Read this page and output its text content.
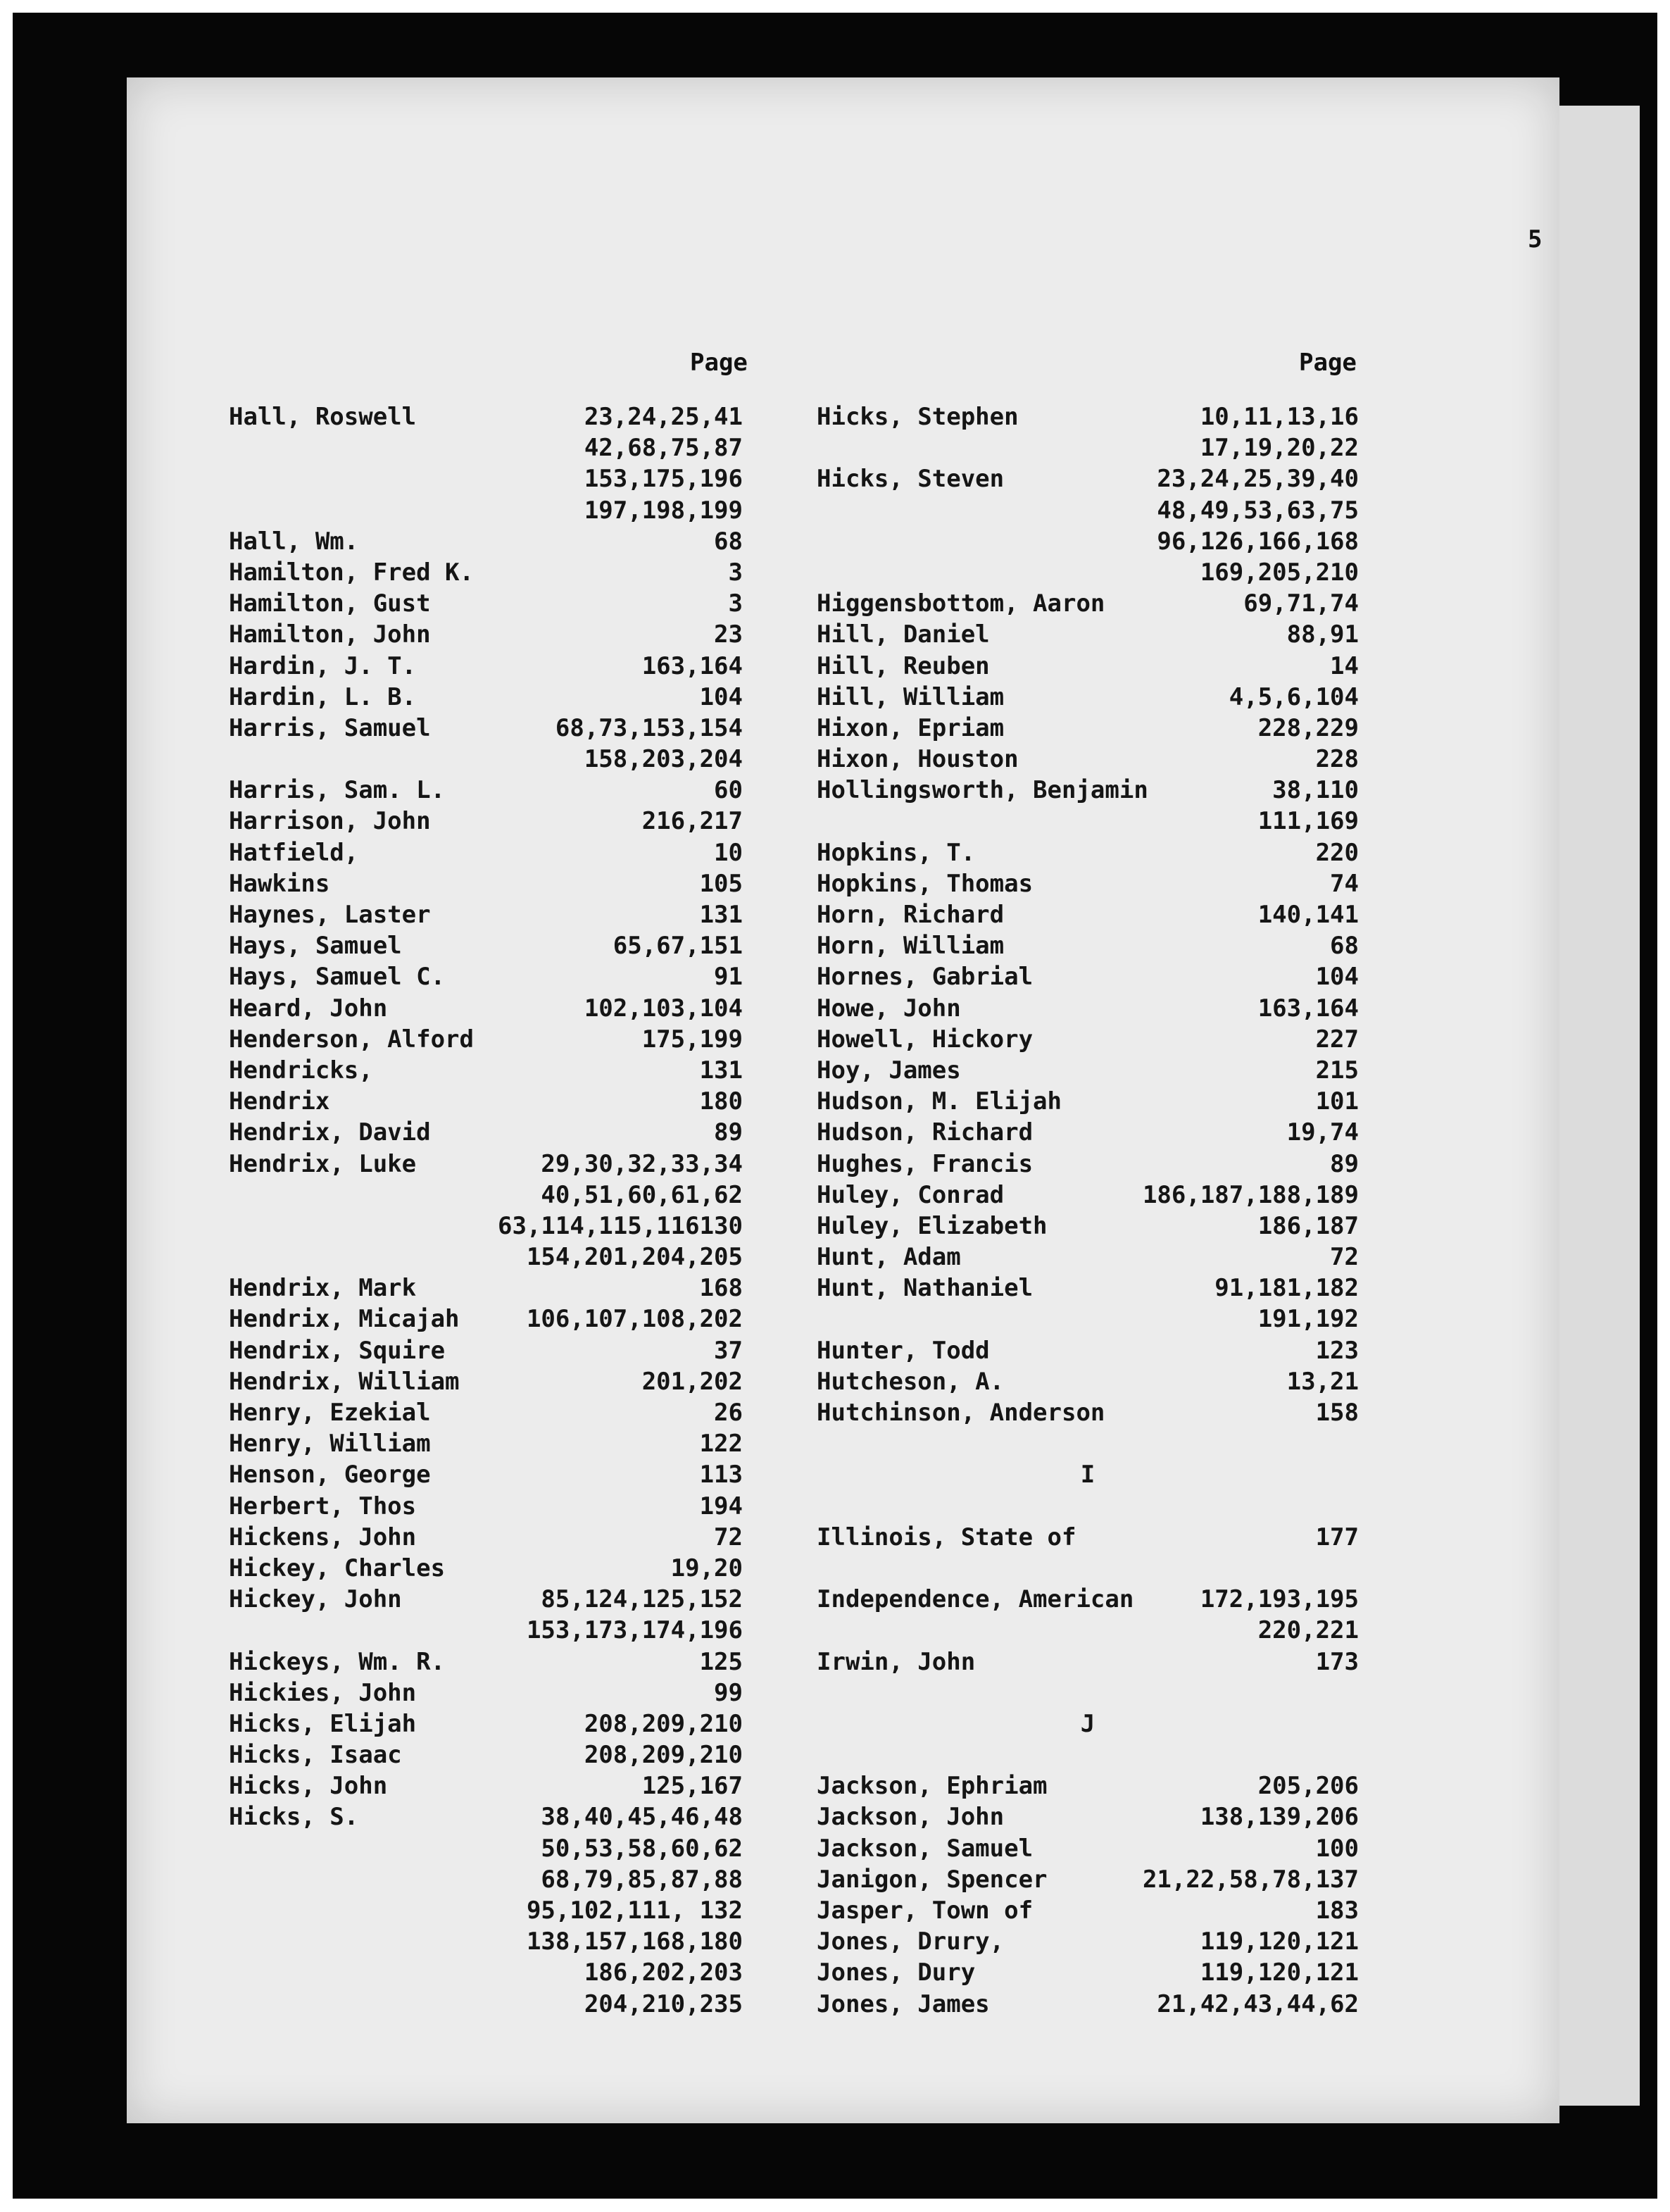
5
Page	Page
Hall, Roswell	23,24,25,41
42,68,75,87
153,175,196
197,198,199
Hall, Wm.	68
Hamilton, Fred K.	3
Hamilton, Gust	3
Hamilton, John	23
Hardin, J. T.	163,164
Hardin, L. B.	104
Harris, Samuel	68,73,153,154
158,203,204
Harris, Sam. L.	60
Harrison, John	216,217
Hatfield,	10
Hawkins	105
Haynes, Laster	131
Hays, Samuel	65,67,151
Hays, Samuel C.	91
Heard, John	102,103,104
Henderson, Alford	175,199
Hendricks,	131
Hendrix	180
Hendrix, David	89
Hendrix, Luke	29,30,32,33,34
40,51,60,61,62
63,114,115,116130
154,201,204,205
Hendrix, Mark	168
Hendrix, Micajah	106,107,108,202
Hendrix, Squire	37
Hendrix, William	201,202
Henry, Ezekial	26
Henry, William	122
Henson, George	113
Herbert, Thos	194
Hickens, John	72
Hickey, Charles	19,20
Hickey, John	85,124,125,152
153,173,174,196
Hickeys, Wm. R.	125
Hickies, John	99
Hicks, Elijah	208,209,210
Hicks, Isaac	208,209,210
Hicks, John	125,167
Hicks, S.	38,40,45,46,48
50,53,58,60,62
68,79,85,87,88
95,102,111, 132
138,157,168,180
186,202,203
204,210,235
Hicks, Stephen	10,11,13,16
17,19,20,22
Hicks, Steven	23,24,25,39,40
48,49,53,63,75
96,126,166,168
169,205,210
Higgensbottom, Aaron	69,71,74
Hill, Daniel	88,91
Hill, Reuben	14
Hill, William	4,5,6,104
Hixon, Epriam	228,229
Hixon, Houston	228
Hollingsworth, Benjamin	38,110
111,169
Hopkins, T.	220
Hopkins, Thomas	74
Horn, Richard	140,141
Horn, William	68
Hornes, Gabrial	104
Howe, John	163,164
Howell, Hickory	227
Hoy, James	215
Hudson, M. Elijah	101
Hudson, Richard	19,74
Hughes, Francis	89
Huley, Conrad	186,187,188,189
Huley, Elizabeth	186,187
Hunt, Adam	72
Hunt, Nathaniel	91,181,182
191,192
Hunter, Todd	123
Hutcheson, A.	13,21
Hutchinson, Anderson	158
I
Illinois, State of	177
Independence, American	172,193,195
220,221
Irwin, John	173
J
Jackson, Ephriam	205,206
Jackson, John	138,139,206
Jackson, Samuel	100
Janigon, Spencer	21,22,58,78,137
Jasper, Town of	183
Jones, Drury,	119,120,121
Jones, Dury	119,120,121
Jones, James	21,42,43,44,62
